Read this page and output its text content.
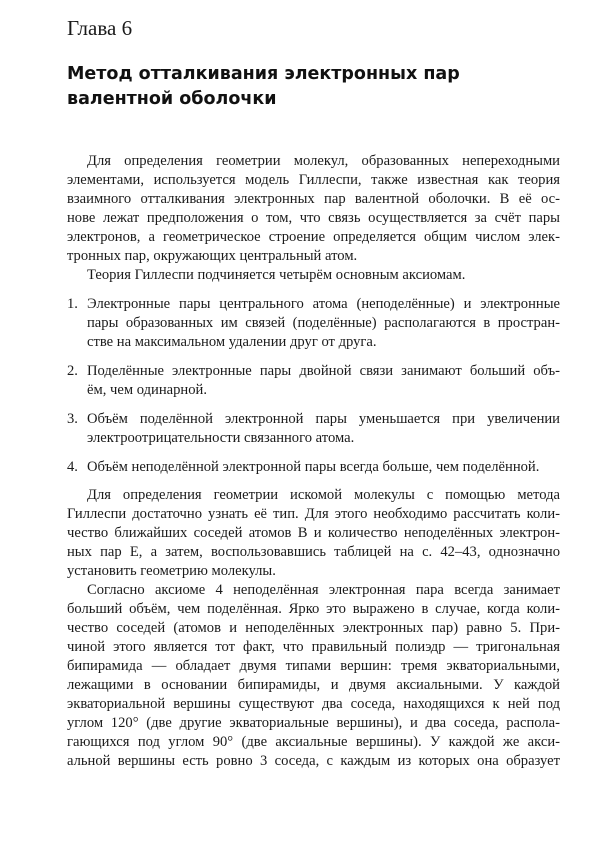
Глава 6
Метод отталкивания электронных пар
валентной оболочки
Для определения геометрии молекул, образованных непереходными
элементами, используется модель Гиллеспи, также известная как теория
взаимного отталкивания электронных пар валентной оболочки. В её ос-
нове лежат предположения о том, что связь осуществляется за счёт пары
электронов, а геометрическое строение определяется общим числом элек-
тронных пар, окружающих центральный атом.
Теория Гиллеспи подчиняется четырём основным аксиомам.
1. Электронные пары центрального атома (неподелённые) и электронные
пары образованных им связей (поделённые) располагаются в простран-
стве на максимальном удалении друг от друга.
2. Поделённые электронные пары двойной связи занимают больший объ-
ём, чем одинарной.
3. Объём поделённой электронной пары уменьшается при увеличении
электроотрицательности связанного атома.
4. Объём неподелённой электронной пары всегда больше, чем поделённой.
Для определения геометрии искомой молекулы с помощью метода
Гиллеспи достаточно узнать её тип. Для этого необходимо рассчитать коли-
чество ближайших соседей атомов B и количество неподелённых электрон-
ных пар E, а затем, воспользовавшись таблицей на с. 42–43, однозначно
установить геометрию молекулы.
Согласно аксиоме 4 неподелённая электронная пара всегда занимает
больший объём, чем поделённая. Ярко это выражено в случае, когда коли-
чество соседей (атомов и неподелённых электронных пар) равно 5. При-
чиной этого является тот факт, что правильный полиэдр — тригональная
бипирамида — обладает двумя типами вершин: тремя экваториальными,
лежащими в основании бипирамиды, и двумя аксиальными. У каждой
экваториальной вершины существуют два соседа, находящихся к ней под
углом 120° (две другие экваториальные вершины), и два соседа, распола-
гающихся под углом 90° (две аксиальные вершины). У каждой же акси-
альной вершины есть ровно 3 соседа, с каждым из которых она образует
